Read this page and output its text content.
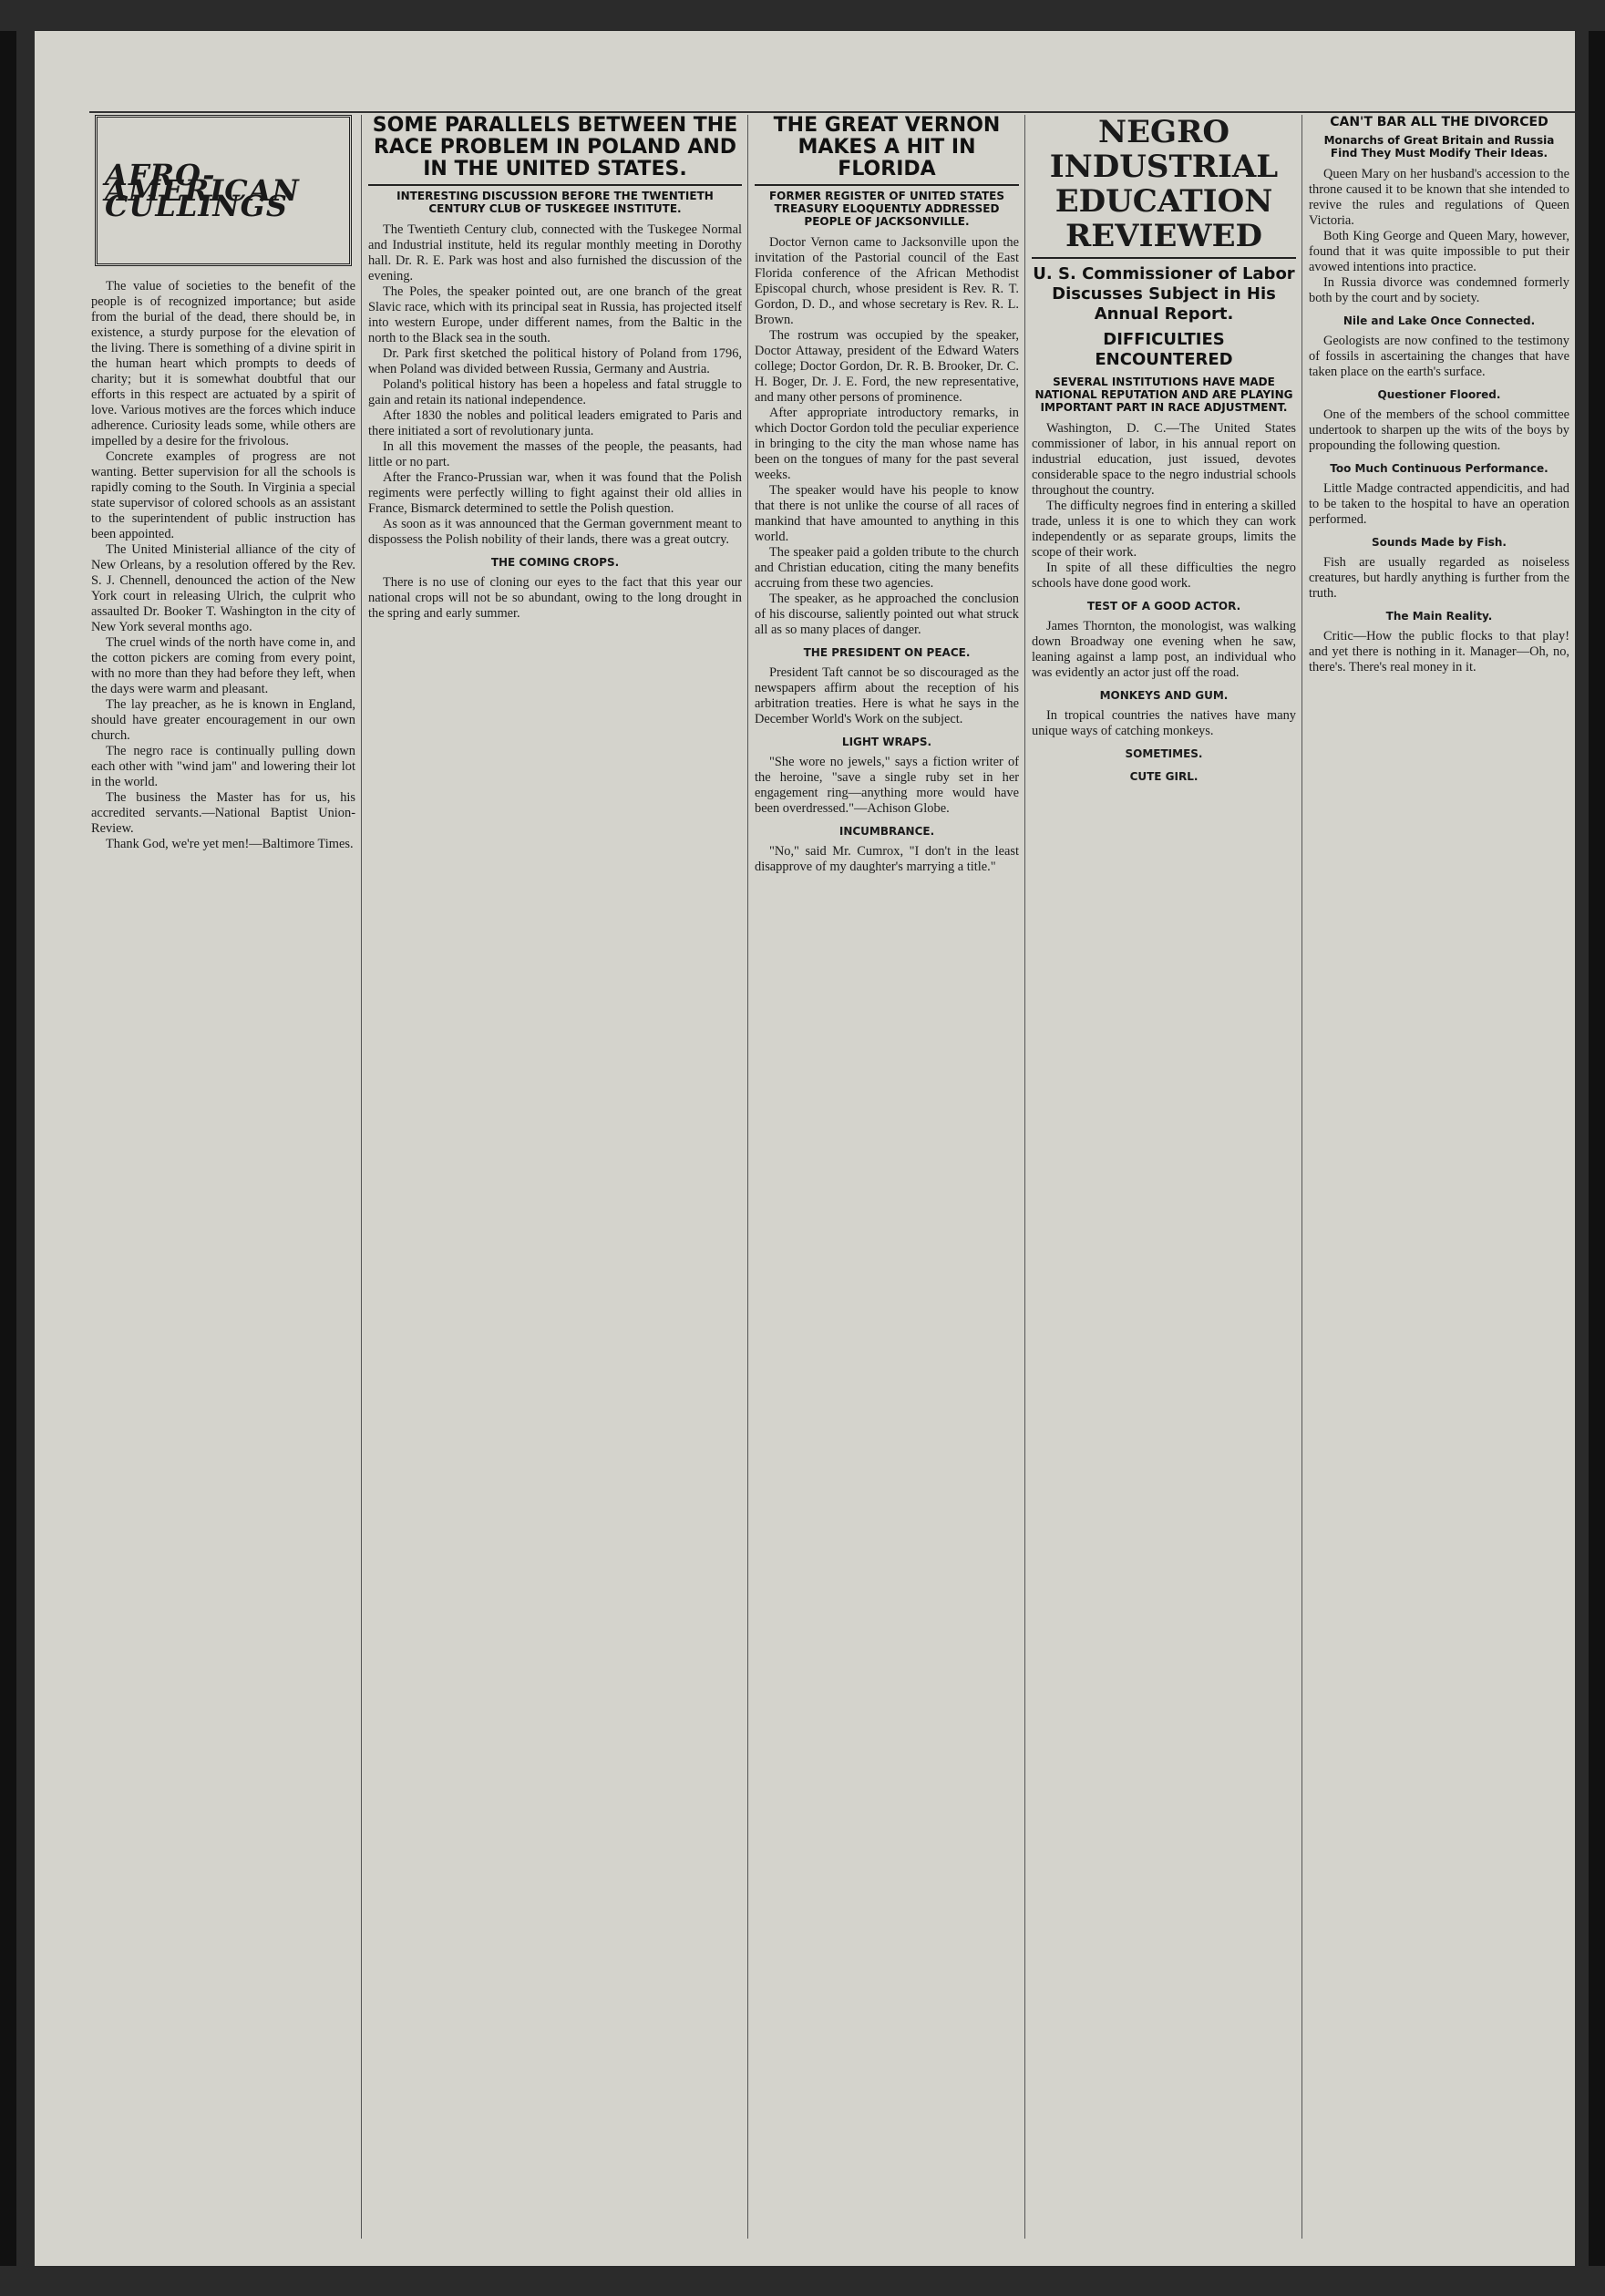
AFRO-AMERICAN CULLINGS

The value of societies to the benefit of the people is of recognized importance; but aside from the burial of the dead, there should be, in existence, a sturdy purpose for the elevation of the living. There is something of a divine spirit in the human heart which prompts to deeds of charity; but it is somewhat doubtful that our efforts in this respect are actuated by a spirit of love. Various motives are the forces which induce adherence. Curiosity leads some, while others are impelled by a desire for the frivolous.

Concrete examples of progress are not wanting. Better supervision for all the schools is rapidly coming to the South. In Virginia a special state supervisor of colored schools as an assistant to the superintendent of public instruction has been appointed.

The United Ministerial alliance of the city of New Orleans, by a resolution offered by the Rev. S. J. Chennell, denounced the action of the New York court in releasing Ulrich, the culprit who assaulted Dr. Booker T. Washington in the city of New York several months ago.

The cruel winds of the north have come in, and the cotton pickers are coming from every point, with no more than they had before they left, when the days were warm and pleasant.

The lay preacher, as he is known in England, should have greater encouragement in our own church.

The negro race is continually pulling down each other with "wind jam" and lowering their lot in the world.

The business the Master has for us, his accredited servants.—National Baptist Union-Review.

Thank God, we're yet men!—Baltimore Times.

SOME PARALLELS BETWEEN THE RACE PROBLEM IN POLAND AND IN THE UNITED STATES.
INTERESTING DISCUSSION BEFORE THE TWENTIETH CENTURY CLUB OF TUSKEGEE INSTITUTE.

The Twentieth Century club, connected with the Tuskegee Normal and Industrial institute, held its regular monthly meeting in Dorothy hall. Dr. R. E. Park was host and also furnished the discussion of the evening.

The Poles, the speaker pointed out, are one branch of the great Slavic race, which with its principal seat in Russia, has projected itself into western Europe, under different names, from the Baltic in the north to the Black sea in the south.

Dr. Park first sketched the political history of Poland from 1796, when Poland was divided between Russia, Germany and Austria.

Poland's political history has been a hopeless and fatal struggle to gain and retain its national independence.

After 1830 the nobles and political leaders emigrated to Paris and there initiated a sort of revolutionary junta.

In all this movement the masses of the people, the peasants, had little or no part.

After the Franco-Prussian war, when it was found that the Polish regiments were perfectly willing to fight against their old allies in France, Bismarck determined to settle the Polish question.

As soon as it was announced that the German government meant to dispossess the Polish nobility of their lands, there was a great outcry.

THE COMING CROPS.

There is no use of cloning our eyes to the fact that this year our national crops will not be so abundant, owing to the long drought in the spring and early summer.

THE GREAT VERNON MAKES A HIT IN FLORIDA
FORMER REGISTER OF UNITED STATES TREASURY ELOQUENTLY ADDRESSED PEOPLE OF JACKSONVILLE.

Doctor Vernon came to Jacksonville upon the invitation of the Pastorial council of the East Florida conference of the African Methodist Episcopal church, whose president is Rev. R. T. Gordon, D. D., and whose secretary is Rev. R. L. Brown.

The rostrum was occupied by the speaker, Doctor Attaway, president of the Edward Waters college; Doctor Gordon, Dr. R. B. Brooker, Dr. C. H. Boger, Dr. J. E. Ford, the new representative, and many other persons of prominence.

After appropriate introductory remarks, in which Doctor Gordon told the peculiar experience in bringing to the city the man whose name has been on the tongues of many for the past several weeks.

The speaker would have his people to know that there is not unlike the course of all races of mankind that have amounted to anything in this world.

The speaker paid a golden tribute to the church and Christian education, citing the many benefits accruing from these two agencies.

The speaker, as he approached the conclusion of his discourse, saliently pointed out what struck all as so many places of danger.

THE PRESIDENT ON PEACE.

President Taft cannot be so discouraged as the newspapers affirm about the reception of his arbitration treaties. Here is what he says in the December World's Work on the subject.

LIGHT WRAPS.

"She wore no jewels," says a fiction writer of the heroine, "save a single ruby set in her engagement ring—anything more would have been overdressed."—Achison Globe.

INCUMBRANCE.

"No," said Mr. Cumrox, "I don't in the least disapprove of my daughter's marrying a title."

NEGRO INDUSTRIAL EDUCATION REVIEWED
U. S. Commissioner of Labor Discusses Subject in His Annual Report.
DIFFICULTIES ENCOUNTERED
SEVERAL INSTITUTIONS HAVE MADE NATIONAL REPUTATION AND ARE PLAYING IMPORTANT PART IN RACE ADJUSTMENT.

Washington, D. C.—The United States commissioner of labor, in his annual report on industrial education, just issued, devotes considerable space to the negro industrial schools throughout the country.

The difficulty negroes find in entering a skilled trade, unless it is one to which they can work independently or as separate groups, limits the scope of their work.

In spite of all these difficulties the negro schools have done good work.

TEST OF A GOOD ACTOR.

James Thornton, the monologist, was walking down Broadway one evening when he saw, leaning against a lamp post, an individual who was evidently an actor just off the road.

MONKEYS AND GUM.

In tropical countries the natives have many unique ways of catching monkeys.

SOMETIMES.
CUTE GIRL.
CAN'T BAR ALL THE DIVORCED
Monarchs of Great Britain and Russia Find They Must Modify Their Ideas.

Queen Mary on her husband's accession to the throne caused it to be known that she intended to revive the rules and regulations of Queen Victoria.

Both King George and Queen Mary, however, found that it was quite impossible to put their avowed intentions into practice.

In Russia divorce was condemned formerly both by the court and by society.

Nile and Lake Once Connected.

Geologists are now confined to the testimony of fossils in ascertaining the changes that have taken place on the earth's surface.

Questioner Floored.

One of the members of the school committee undertook to sharpen up the wits of the boys by propounding the following question.

Too Much Continuous Performance.

Little Madge contracted appendicitis, and had to be taken to the hospital to have an operation performed.

Sounds Made by Fish.

Fish are usually regarded as noiseless creatures, but hardly anything is further from the truth.

The Main Reality.

Critic—How the public flocks to that play! and yet there is nothing in it. Manager—Oh, no, there's. There's real money in it.
